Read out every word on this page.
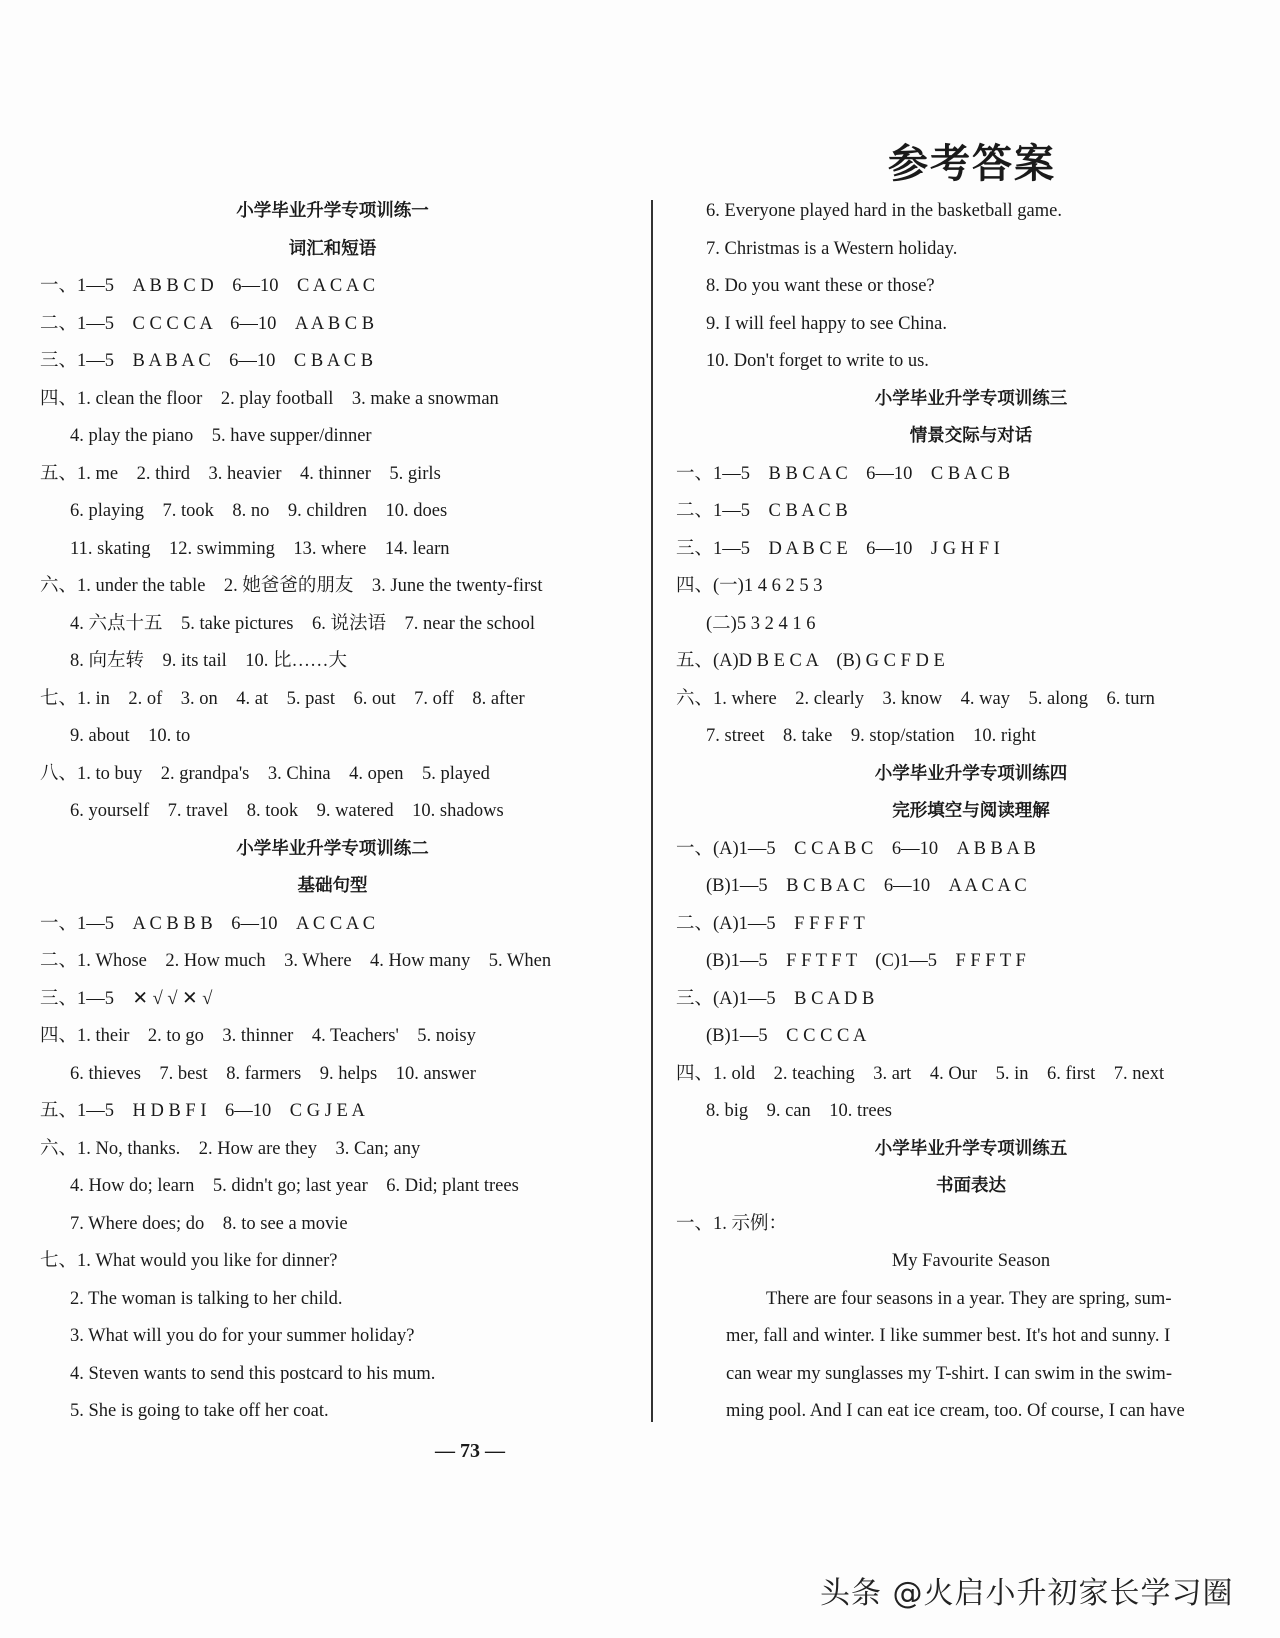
参考答案
小学毕业升学专项训练一
词汇和短语
一、1—5　A B B C D　6—10　C A C A C
二、1—5　C C C C A　6—10　A A B C B
三、1—5　B A B A C　6—10　C B A C B
四、1. clean the floor　2. play football　3. make a snowman
4. play the piano　5. have supper/dinner
五、1. me　2. third　3. heavier　4. thinner　5. girls
6. playing　7. took　8. no　9. children　10. does
11. skating　12. swimming　13. where　14. learn
六、1. under the table　2. 她爸爸的朋友　3. June the twenty-first
4. 六点十五　5. take pictures　6. 说法语　7. near the school
8. 向左转　9. its tail　10. 比……大
七、1. in　2. of　3. on　4. at　5. past　6. out　7. off　8. after
9. about　10. to
八、1. to buy　2. grandpa's　3. China　4. open　5. played
6. yourself　7. travel　8. took　9. watered　10. shadows
小学毕业升学专项训练二
基础句型
一、1—5　A C B B B　6—10　A C C A C
二、1. Whose　2. How much　3. Where　4. How many　5. When
三、1—5　✕ √ √ ✕ √
四、1. their　2. to go　3. thinner　4. Teachers'　5. noisy
6. thieves　7. best　8. farmers　9. helps　10. answer
五、1—5　H D B F I　6—10　C G J E A
六、1. No, thanks.　2. How are they　3. Can; any
4. How do; learn　5. didn't go; last year　6. Did; plant trees
7. Where does; do　8. to see a movie
七、1. What would you like for dinner?
2. The woman is talking to her child.
3. What will you do for your summer holiday?
4. Steven wants to send this postcard to his mum.
5. She is going to take off her coat.
6. Everyone played hard in the basketball game.
7. Christmas is a Western holiday.
8. Do you want these or those?
9. I will feel happy to see China.
10. Don't forget to write to us.
小学毕业升学专项训练三
情景交际与对话
一、1—5　B B C A C　6—10　C B A C B
二、1—5　C B A C B
三、1—5　D A B C E　6—10　J G H F I
四、(一)1 4 6 2 5 3
(二)5 3 2 4 1 6
五、(A)D B E C A　(B) G C F D E
六、1. where　2. clearly　3. know　4. way　5. along　6. turn
7. street　8. take　9. stop/station　10. right
小学毕业升学专项训练四
完形填空与阅读理解
一、(A)1—5　C C A B C　6—10　A B B A B
(B)1—5　B C B A C　6—10　A A C A C
二、(A)1—5　F F F F T
(B)1—5　F F T F T　(C)1—5　F F F T F
三、(A)1—5　B C A D B
(B)1—5　C C C C A
四、1. old　2. teaching　3. art　4. Our　5. in　6. first　7. next
8. big　9. can　10. trees
小学毕业升学专项训练五
书面表达
一、1. 示例：
My Favourite Season
There are four seasons in a year. They are spring, sum-
mer, fall and winter. I like summer best. It's hot and sunny. I
can wear my sunglasses my T-shirt. I can swim in the swim-
ming pool. And I can eat ice cream, too. Of course, I can have
— 73 —
头条 @火启小升初家长学习圈
